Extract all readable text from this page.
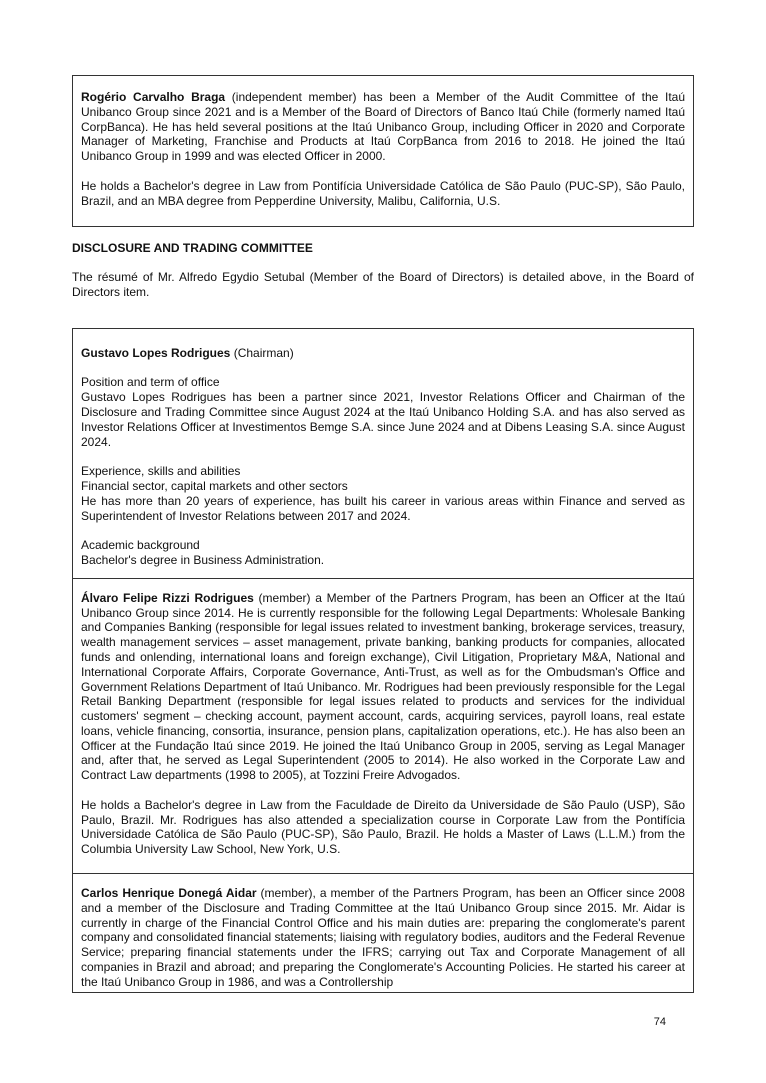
Rogério Carvalho Braga (independent member) has been a Member of the Audit Committee of the Itaú Unibanco Group since 2021 and is a Member of the Board of Directors of Banco Itaú Chile (formerly named Itaú CorpBanca). He has held several positions at the Itaú Unibanco Group, including Officer in 2020 and Corporate Manager of Marketing, Franchise and Products at Itaú CorpBanca from 2016 to 2018. He joined the Itaú Unibanco Group in 1999 and was elected Officer in 2000.

He holds a Bachelor's degree in Law from Pontifícia Universidade Católica de São Paulo (PUC-SP), São Paulo, Brazil, and an MBA degree from Pepperdine University, Malibu, California, U.S.

DISCLOSURE AND TRADING COMMITTEE

The résumé of Mr. Alfredo Egydio Setubal (Member of the Board of Directors) is detailed above, in the Board of Directors item.

Gustavo Lopes Rodrigues (Chairman)

Position and term of office
Gustavo Lopes Rodrigues has been a partner since 2021, Investor Relations Officer and Chairman of the Disclosure and Trading Committee since August 2024 at the Itaú Unibanco Holding S.A. and has also served as Investor Relations Officer at Investimentos Bemge S.A. since June 2024 and at Dibens Leasing S.A. since August 2024.

Experience, skills and abilities
Financial sector, capital markets and other sectors
He has more than 20 years of experience, has built his career in various areas within Finance and served as Superintendent of Investor Relations between 2017 and 2024.

Academic background
Bachelor's degree in Business Administration.

Álvaro Felipe Rizzi Rodrigues (member) a Member of the Partners Program, has been an Officer at the Itaú Unibanco Group since 2014. He is currently responsible for the following Legal Departments: Wholesale Banking and Companies Banking (responsible for legal issues related to investment banking, brokerage services, treasury, wealth management services – asset management, private banking, banking products for companies, allocated funds and onlending, international loans and foreign exchange), Civil Litigation, Proprietary M&A, National and International Corporate Affairs, Corporate Governance, Anti-Trust, as well as for the Ombudsman's Office and Government Relations Department of Itaú Unibanco. Mr. Rodrigues had been previously responsible for the Legal Retail Banking Department (responsible for legal issues related to products and services for the individual customers' segment – checking account, payment account, cards, acquiring services, payroll loans, real estate loans, vehicle financing, consortia, insurance, pension plans, capitalization operations, etc.). He has also been an Officer at the Fundação Itaú since 2019. He joined the Itaú Unibanco Group in 2005, serving as Legal Manager and, after that, he served as Legal Superintendent (2005 to 2014). He also worked in the Corporate Law and Contract Law departments (1998 to 2005), at Tozzini Freire Advogados.

He holds a Bachelor's degree in Law from the Faculdade de Direito da Universidade de São Paulo (USP), São Paulo, Brazil. Mr. Rodrigues has also attended a specialization course in Corporate Law from the Pontifícia Universidade Católica de São Paulo (PUC-SP), São Paulo, Brazil. He holds a Master of Laws (L.L.M.) from the Columbia University Law School, New York, U.S.

Carlos Henrique Donegá Aidar (member), a member of the Partners Program, has been an Officer since 2008 and a member of the Disclosure and Trading Committee at the Itaú Unibanco Group since 2015. Mr. Aidar is currently in charge of the Financial Control Office and his main duties are: preparing the conglomerate's parent company and consolidated financial statements; liaising with regulatory bodies, auditors and the Federal Revenue Service; preparing financial statements under the IFRS; carrying out Tax and Corporate Management of all companies in Brazil and abroad; and preparing the Conglomerate's Accounting Policies. He started his career at the Itaú Unibanco Group in 1986, and was a Controllership

74
